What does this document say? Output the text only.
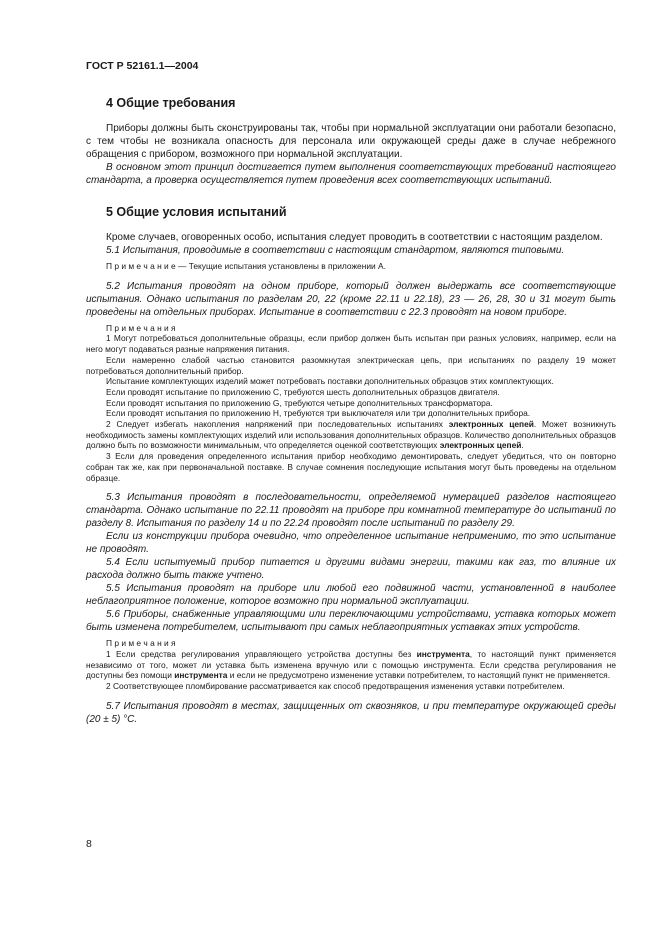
ГОСТ Р 52161.1—2004
4 Общие требования

Приборы должны быть сконструированы так, чтобы при нормальной эксплуатации они работали безопасно, с тем чтобы не возникала опасность для персонала или окружающей среды даже в случае небрежного обращения с прибором, возможного при нормальной эксплуатации.

В основном этот принцип достигается путем выполнения соответствующих требований настоящего стандарта, а проверка осуществляется путем проведения всех соответствующих испытаний.

5 Общие условия испытаний

Кроме случаев, оговоренных особо, испытания следует проводить в соответствии с настоящим разделом.

5.1 Испытания, проводимые в соответствии с настоящим стандартом, являются типовыми.

П р и м е ч а н и е — Текущие испытания установлены в приложении А.

5.2 Испытания проводят на одном приборе, который должен выдержать все соответствующие испытания. Однако испытания по разделам 20, 22 (кроме 22.11 и 22.18), 23 — 26, 28, 30 и 31 могут быть проведены на отдельных приборах. Испытание в соответствии с 22.3 проводят на новом приборе.

П р и м е ч а н и я

1 Могут потребоваться дополнительные образцы, если прибор должен быть испытан при разных условиях, например, если на него могут подаваться разные напряжения питания.

Если намеренно слабой частью становится разомкнутая электрическая цепь, при испытаниях по разделу 19 может потребоваться дополнительный прибор.

Испытание комплектующих изделий может потребовать поставки дополнительных образцов этих комплектующих.

Если проводят испытание по приложению С, требуются шесть дополнительных образцов двигателя.

Если проводят испытания по приложению G, требуются четыре дополнительных трансформатора.

Если проводят испытания по приложению Н, требуются три выключателя или три дополнительных прибора.

2 Следует избегать накопления напряжений при последовательных испытаниях электронных цепей. Может возникнуть необходимость замены комплектующих изделий или использования дополнительных образцов. Количество дополнительных образцов должно быть по возможности минимальным, что определяется оценкой соответствующих электронных цепей.

3 Если для проведения определенного испытания прибор необходимо демонтировать, следует убедиться, что он повторно собран так же, как при первоначальной поставке. В случае сомнения последующие испытания могут быть проведены на отдельном образце.

5.3 Испытания проводят в последовательности, определяемой нумерацией разделов настоящего стандарта. Однако испытание по 22.11 проводят на приборе при комнатной температуре до испытаний по разделу 8. Испытания по разделу 14 и по 22.24 проводят после испытаний по разделу 29.

Если из конструкции прибора очевидно, что определенное испытание неприменимо, то это испытание не проводят.

5.4 Если испытуемый прибор питается и другими видами энергии, такими как газ, то влияние их расхода должно быть также учтено.

5.5 Испытания проводят на приборе или любой его подвижной части, установленной в наиболее неблагоприятное положение, которое возможно при нормальной эксплуатации.

5.6 Приборы, снабженные управляющими или переключающими устройствами, уставка которых может быть изменена потребителем, испытывают при самых неблагоприятных уставках этих устройств.

П р и м е ч а н и я

1 Если средства регулирования управляющего устройства доступны без инструмента, то настоящий пункт применяется независимо от того, может ли уставка быть изменена вручную или с помощью инструмента. Если средства регулирования не доступны без помощи инструмента и если не предусмотрено изменение уставки потребителем, то настоящий пункт не применяется.

2 Соответствующее пломбирование рассматривается как способ предотвращения изменения уставки потребителем.

5.7 Испытания проводят в местах, защищенных от сквозняков, и при температуре окружающей среды (20 ± 5) °С.

8
